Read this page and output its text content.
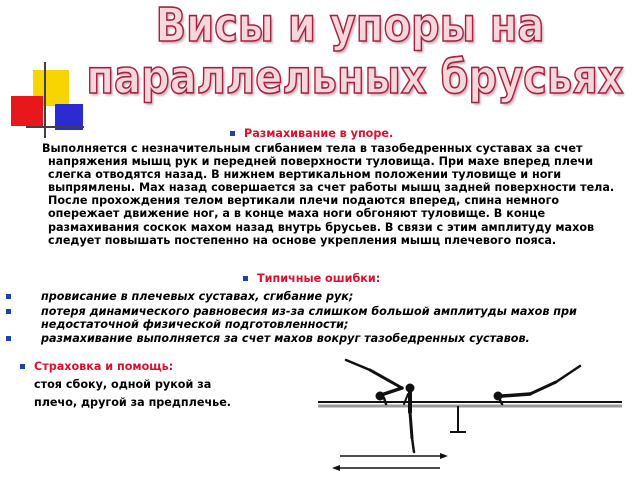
Висы и упоры на
параллельных брусьях
Размахивание в упоре.
Выполняется с незначительным сгибанием тела в тазобедренных суставах за счет напряжения мышц рук и передней поверхности туловища. При махе вперед плечи слегка отводятся назад. В нижнем вертикальном положении туловище и ноги выпрямлены. Мах назад совершается за счет работы мышц задней поверхности тела. После прохождения телом вертикали плечи подаются вперед, спина немного опережает движение ног, а в конце маха ноги обгоняют туловище. В конце размахивания соскок махом назад внутрь брусьев. В связи с этим амплитуду махов следует повышать постепенно на основе укрепления мышц плечевого пояса.
Типичные ошибки:
провисание в плечевых суставах, сгибание рук;
потеря динамического равновесия из-за слишком большой амплитуды махов при недостаточной физической подготовленности;
размахивание выполняется за счет махов вокруг тазобедренных суставов.
Страховка и помощь:
стоя сбоку, одной рукой за
плечо, другой за предплечье.
